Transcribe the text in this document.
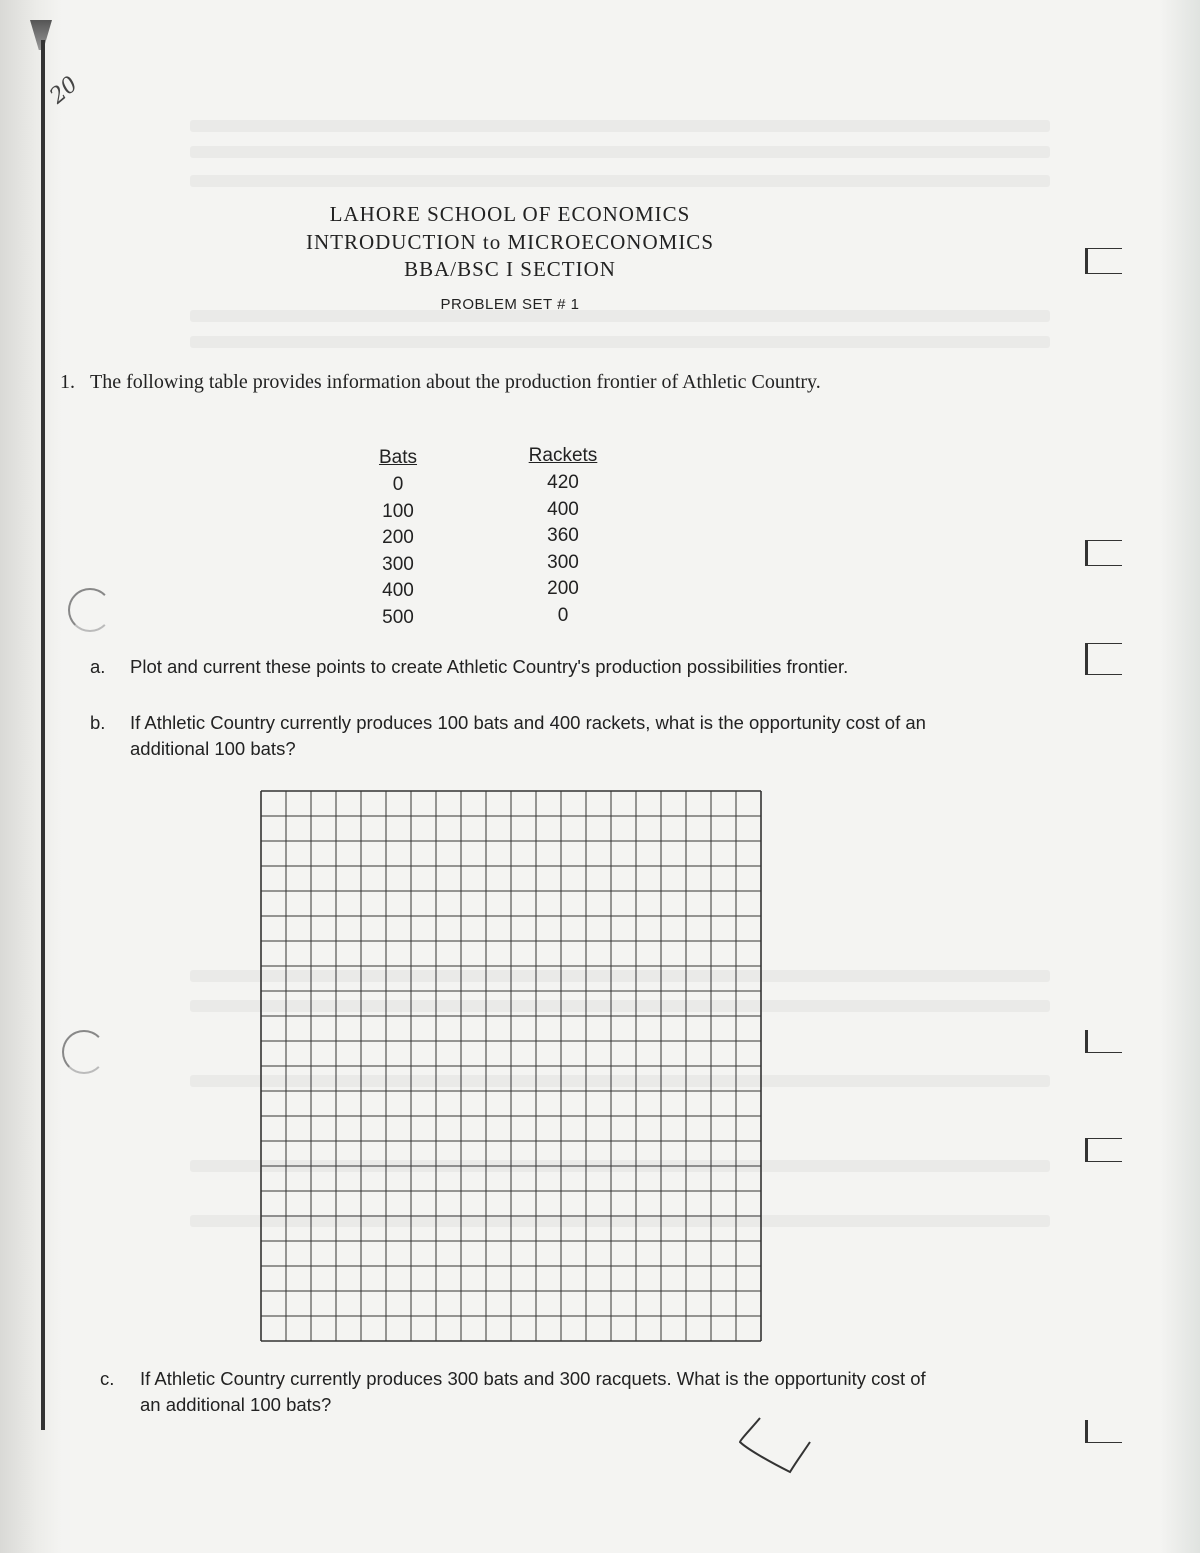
20
LAHORE SCHOOL OF ECONOMICS
INTRODUCTION to MICROECONOMICS
BBA/BSC I SECTION
PROBLEM SET # 1
1. The following table provides information about the production frontier of Athletic Country.
Bats
0
100
200
300
400
500
Rackets
420
400
360
300
200
0
a. Plot and current these points to create Athletic Country's production possibilities frontier.
b. If Athletic Country currently produces 100 bats and 400 rackets, what is the opportunity cost of an additional 100 bats?
c. If Athletic Country currently produces 300 bats and 300 racquets. What is the opportunity cost of an additional 100 bats?
